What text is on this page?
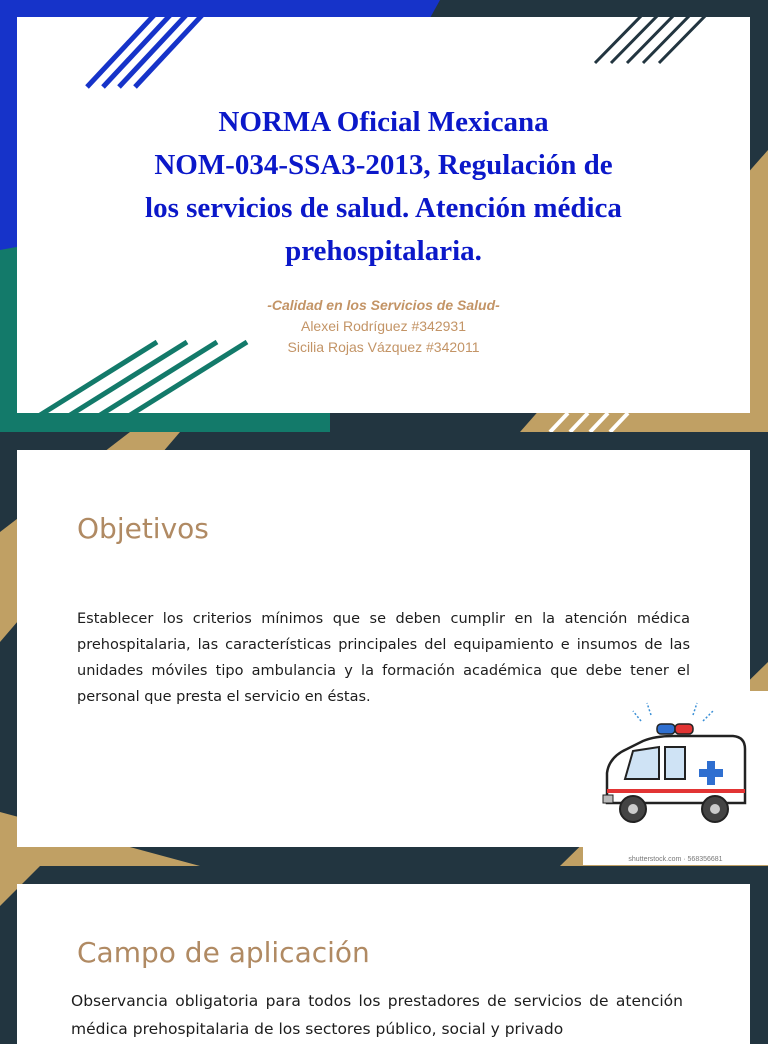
NORMA Oficial Mexicana
NOM-034-SSA3-2013, Regulación de
los servicios de salud. Atención médica
prehospitalaria.
-Calidad en los Servicios de Salud-
Alexei Rodríguez #342931
Sicilia Rojas Vázquez #342011
Objetivos
Establecer los criterios mínimos que se deben cumplir en la atención médica prehospitalaria, las características principales del equipamiento e insumos de las unidades móviles tipo ambulancia y la formación académica que debe tener el personal que presta el servicio en éstas.
shutterstock.com · 568356681
Campo de aplicación
Observancia obligatoria para todos los prestadores de servicios de atención médica prehospitalaria de los sectores público, social y privado
